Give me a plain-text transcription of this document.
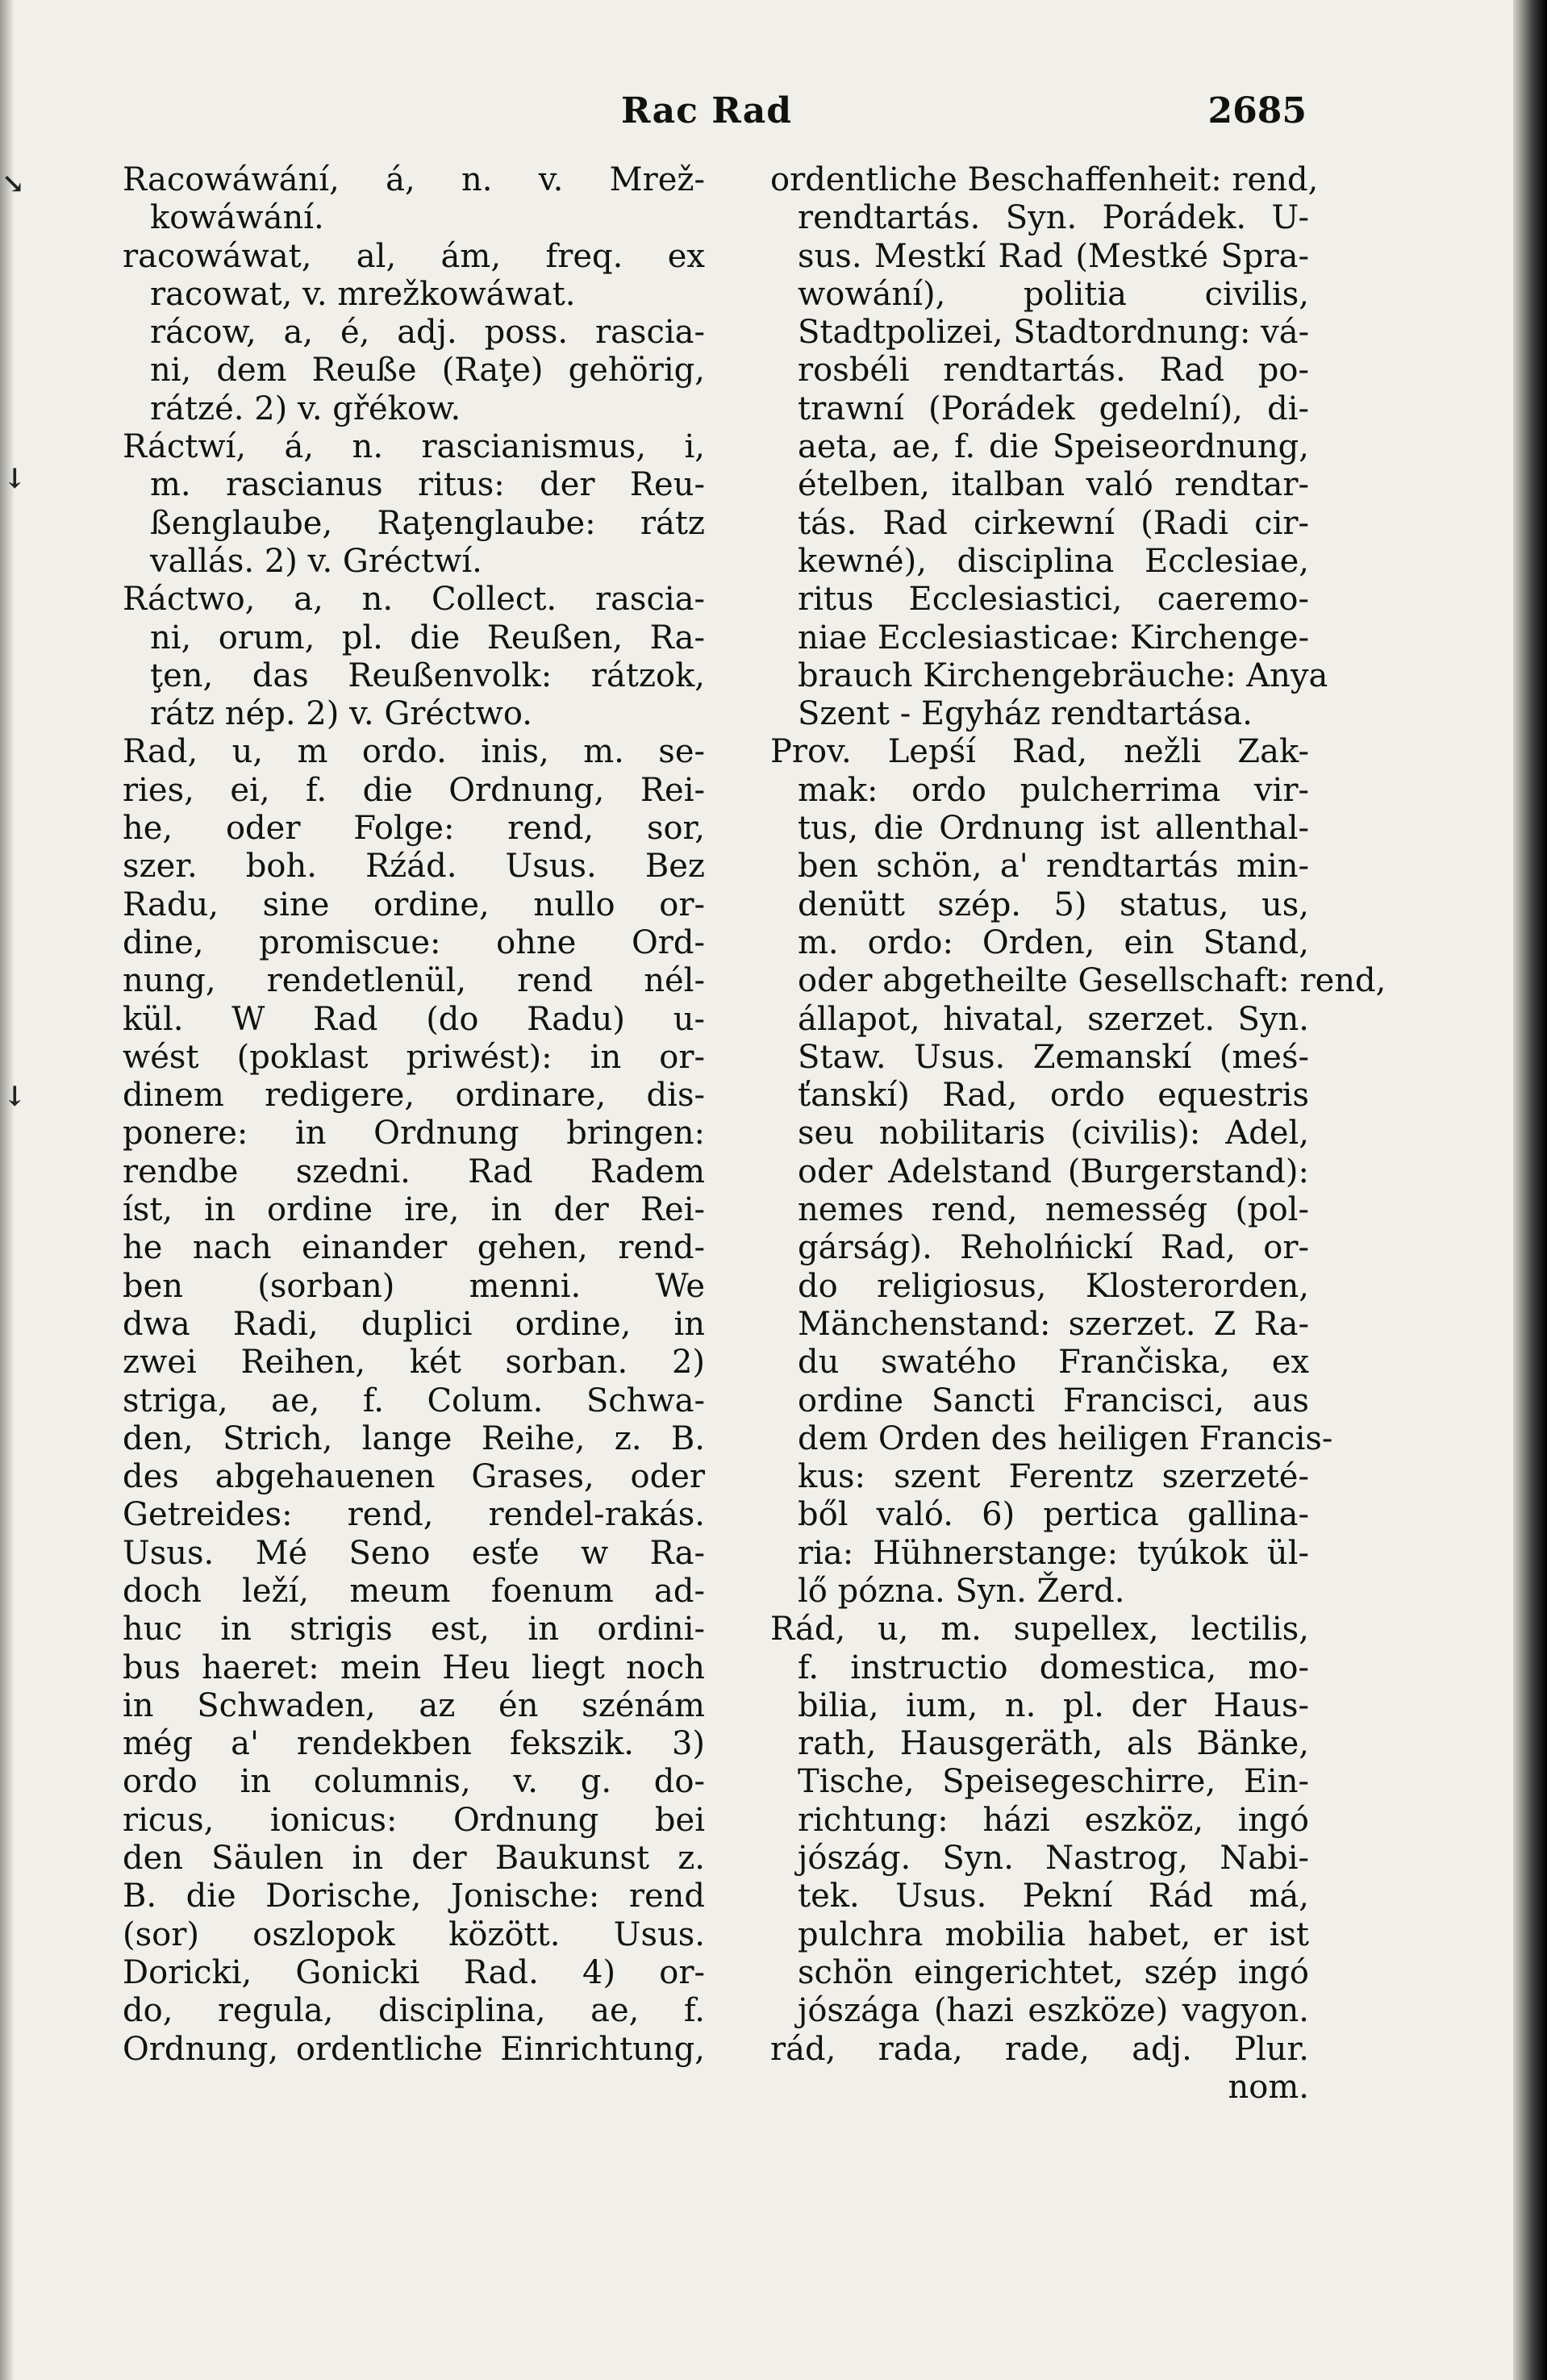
Rac Rad	2685
↘
↓
↓
Racowáwání, á, n. v. Mrež-
kowáwání.
racowáwat, al, ám, freq. ex
racowat, v. mrežkowáwat.
rácow, a, é, adj. poss. rascia-
ni, dem Reuße (Raţe) gehörig,
rátzé. 2) v. gřékow.
Ráctwí, á, n. rascianismus, i,
m. rascianus ritus: der Reu-
ßenglaube, Raţenglaube: rátz
vallás. 2) v. Gréctwí.
Ráctwo, a, n. Collect. rascia-
ni, orum, pl. die Reußen, Ra-
ţen, das Reußenvolk: rátzok,
rátz nép. 2) v. Gréctwo.
Rad, u, m ordo. inis, m. se-
ries, ei, f. die Ordnung, Rei-
he, oder Folge: rend, sor,
szer. boh. Rźád. Usus. Bez
Radu, sine ordine, nullo or-
dine, promiscue: ohne Ord-
nung, rendetlenül, rend nél-
kül. W Rad (do Radu) u-
wést (poklast priwést): in or-
dinem redigere, ordinare, dis-
ponere: in Ordnung bringen:
rendbe szedni. Rad Radem
íst, in ordine ire, in der Rei-
he nach einander gehen, rend-
ben (sorban) menni. We
dwa Radi, duplici ordine, in
zwei Reihen, két sorban. 2)
striga, ae, f. Colum. Schwa-
den, Strich, lange Reihe, z. B.
des abgehauenen Grases, oder
Getreides: rend, rendel-rakás.
Usus. Mé Seno esťe w Ra-
doch leží, meum foenum ad-
huc in strigis est, in ordini-
bus haeret: mein Heu liegt noch
in Schwaden, az én szénám
még a' rendekben fekszik. 3)
ordo in columnis, v. g. do-
ricus, ionicus: Ordnung bei
den Säulen in der Baukunst z.
B. die Dorische, Jonische: rend
(sor) oszlopok között. Usus.
Doricki, Gonicki Rad. 4) or-
do, regula, disciplina, ae, f.
Ordnung, ordentliche Einrichtung,
ordentliche Beschaffenheit: rend,
rendtartás. Syn. Porádek. U-
sus. Mestkí Rad (Mestké Spra-
wowání), politia civilis,
Stadtpolizei, Stadtordnung: vá-
rosbéli rendtartás. Rad po-
trawní (Porádek gedelní), di-
aeta, ae, f. die Speiseordnung,
ételben, italban való rendtar-
tás. Rad cirkewní (Radi cir-
kewné), disciplina Ecclesiae,
ritus Ecclesiastici, caeremo-
niae Ecclesiasticae: Kirchenge-
brauch Kirchengebräuche: Anya
Szent - Egyház rendtartása.
Prov. Lepśí Rad, nežli Zak-
mak: ordo pulcherrima vir-
tus, die Ordnung ist allenthal-
ben schön, a' rendtartás min-
denütt szép. 5) status, us,
m. ordo: Orden, ein Stand,
oder abgetheilte Gesellschaft: rend,
állapot, hivatal, szerzet. Syn.
Staw. Usus. Zemanskí (meś-
ťanskí) Rad, ordo equestris
seu nobilitaris (civilis): Adel,
oder Adelstand (Burgerstand):
nemes rend, nemesség (pol-
gárság). Reholńickí Rad, or-
do religiosus, Klosterorden,
Mänchenstand: szerzet. Z Ra-
du swatého Frančiska, ex
ordine Sancti Francisci, aus
dem Orden des heiligen Francis-
kus: szent Ferentz szerzeté-
ből való. 6) pertica gallina-
ria: Hühnerstange: tyúkok ül-
lő pózna. Syn. Žerd.
Rád, u, m. supellex, lectilis,
f. instructio domestica, mo-
bilia, ium, n. pl. der Haus-
rath, Hausgeräth, als Bänke,
Tische, Speisegeschirre, Ein-
richtung: házi eszköz, ingó
jószág. Syn. Nastrog, Nabi-
tek. Usus. Pekní Rád má,
pulchra mobilia habet, er ist
schön eingerichtet, szép ingó
jószága (hazi eszköze) vagyon.
rád, rada, rade, adj. Plur.
nom.
